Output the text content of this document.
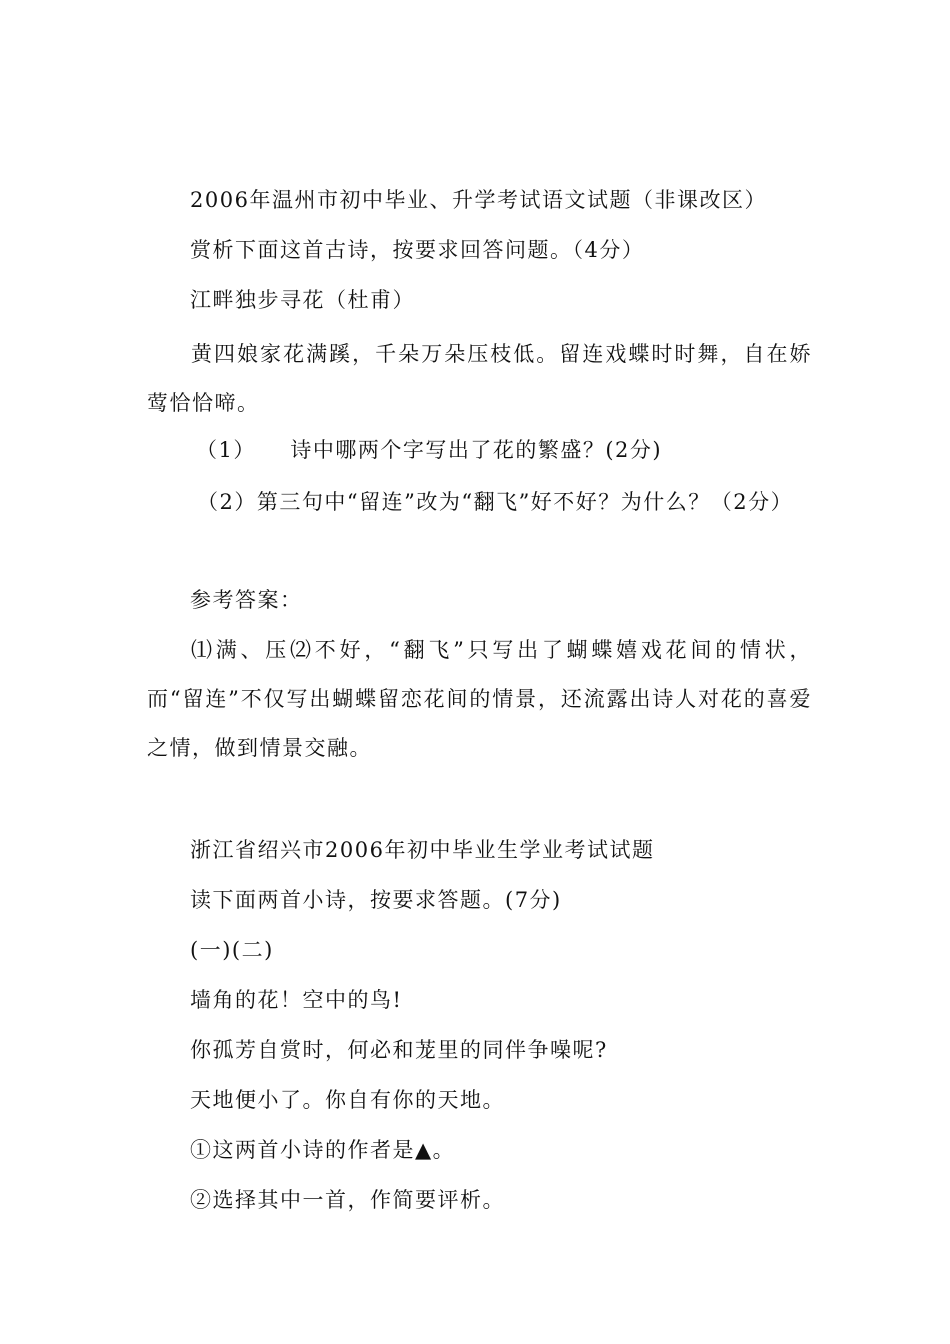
2006年温州市初中毕业、升学考试语文试题（非课改区）
赏析下面这首古诗，按要求回答问题。（4分）
江畔独步寻花（杜甫）
黄四娘家花满蹊，千朵万朵压枝低。留连戏蝶时时舞，自在娇莺恰恰啼。
（1）　　诗中哪两个字写出了花的繁盛？(2分)
（2）第三句中“留连”改为“翻飞”好不好？为什么？（2分）
参考答案：
⑴满、压⑵不好，“翻飞”只写出了蝴蝶嬉戏花间的情状，而“留连”不仅写出蝴蝶留恋花间的情景，还流露出诗人对花的喜爱之情，做到情景交融。
浙江省绍兴市2006年初中毕业生学业考试试题
读下面两首小诗，按要求答题。(7分)
(一)(二)
墙角的花！空中的鸟!
你孤芳自赏时，何必和茏里的同伴争噪呢?
天地便小了。你自有你的天地。
①这两首小诗的作者是▲。
②选择其中一首，作简要评析。
